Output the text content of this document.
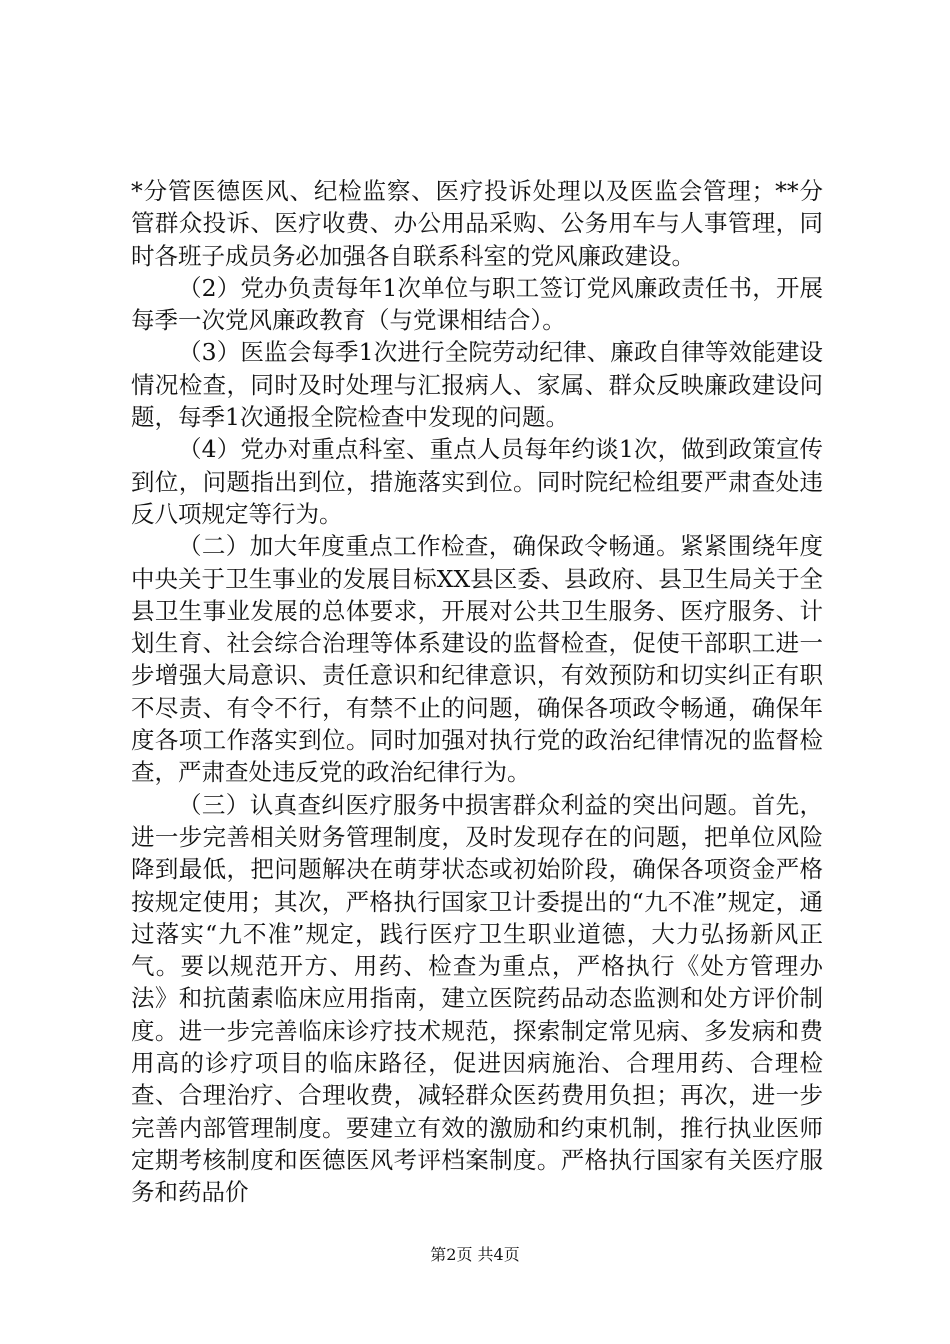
*分管医德医风、纪检监察、医疗投诉处理以及医监会管理；**分管群众投诉、医疗收费、办公用品采购、公务用车与人事管理，同时各班子成员务必加强各自联系科室的党风廉政建设。

（2）党办负责每年1次单位与职工签订党风廉政责任书，开展每季一次党风廉政教育（与党课相结合）。

（3）医监会每季1次进行全院劳动纪律、廉政自律等效能建设情况检查，同时及时处理与汇报病人、家属、群众反映廉政建设问题，每季1次通报全院检查中发现的问题。

（4）党办对重点科室、重点人员每年约谈1次，做到政策宣传到位，问题指出到位，措施落实到位。同时院纪检组要严肃查处违反八项规定等行为。

（二）加大年度重点工作检查，确保政令畅通。紧紧围绕年度中央关于卫生事业的发展目标XX县区委、县政府、县卫生局关于全县卫生事业发展的总体要求，开展对公共卫生服务、医疗服务、计划生育、社会综合治理等体系建设的监督检查，促使干部职工进一步增强大局意识、责任意识和纪律意识，有效预防和切实纠正有职不尽责、有令不行，有禁不止的问题，确保各项政令畅通，确保年度各项工作落实到位。同时加强对执行党的政治纪律情况的监督检查，严肃查处违反党的政治纪律行为。

（三）认真查纠医疗服务中损害群众利益的突出问题。首先，进一步完善相关财务管理制度，及时发现存在的问题，把单位风险降到最低，把问题解决在萌芽状态或初始阶段，确保各项资金严格按规定使用；其次，严格执行国家卫计委提出的“九不准”规定，通过落实“九不准”规定，践行医疗卫生职业道德，大力弘扬新风正气。要以规范开方、用药、检查为重点，严格执行《处方管理办法》和抗菌素临床应用指南，建立医院药品动态监测和处方评价制度。进一步完善临床诊疗技术规范，探索制定常见病、多发病和费用高的诊疗项目的临床路径，促进因病施治、合理用药、合理检查、合理治疗、合理收费，减轻群众医药费用负担；再次，进一步完善内部管理制度。要建立有效的激励和约束机制，推行执业医师定期考核制度和医德医风考评档案制度。严格执行国家有关医疗服务和药品价

第2页 共4页
